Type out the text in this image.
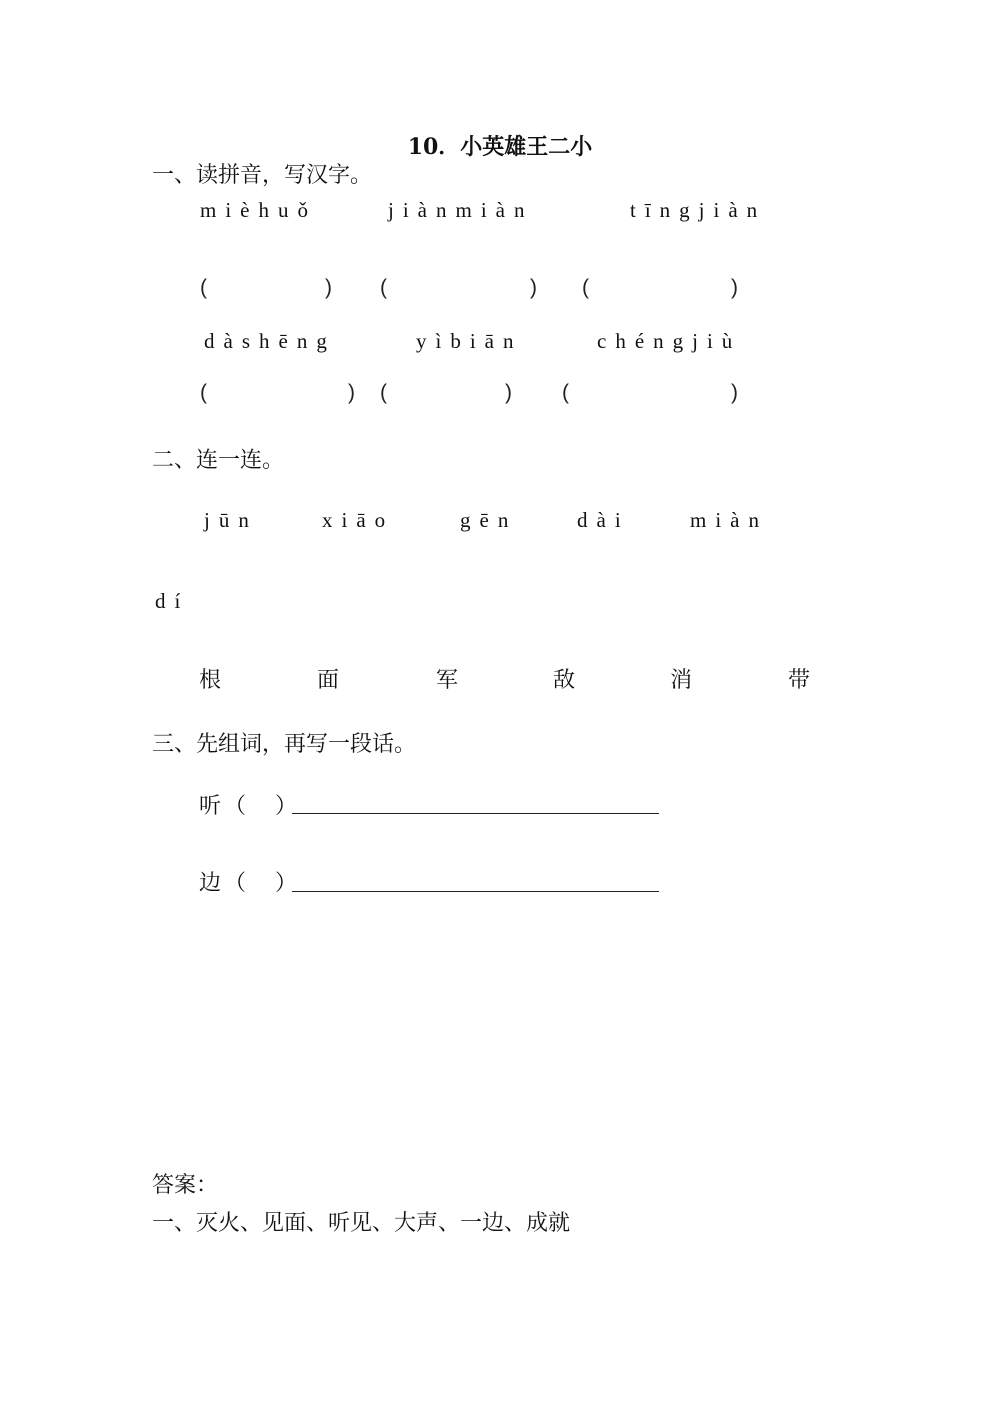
10．小英雄王二小
一、读拼音，写汉字。
mièhuǒ	jiànmiàn	tīngjiàn
(	) (	) (	)
dàshēng	yìbiān	chéngjiù
(	) (	) (	)
二、连一连。
jūn	xiāo	gēn	dài	miàn
dí
根	面	军	敌	消	带
三、先组词，再写一段话。
听 （　 ）
边 （　 ）
答案：
一、灭火、见面、听见、大声、一边、成就
